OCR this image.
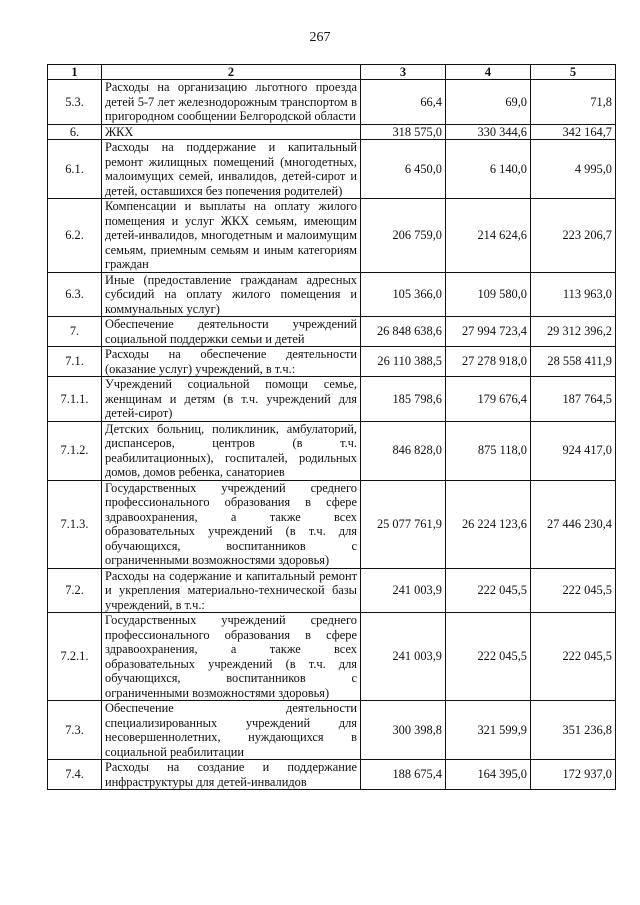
267
1	2	3	4	5
5.3.	Расходы на организацию льготного проезда детей 5-7 лет железнодорожным транспортом в пригородном сообщении Белгородской области	66,4	69,0	71,8
6.	ЖКХ	318 575,0	330 344,6	342 164,7
6.1.	Расходы на поддержание и капитальный ремонт жилищных помещений (многодетных, малоимущих семей, инвалидов, детей-сирот и детей, оставшихся без попечения родителей)	6 450,0	6 140,0	4 995,0
6.2.	Компенсации и выплаты на оплату жилого помещения и услуг ЖКХ семьям, имеющим детей-инвалидов, многодетным и малоимущим семьям, приемным семьям и иным категориям граждан	206 759,0	214 624,6	223 206,7
6.3.	Иные (предоставление гражданам адресных субсидий на оплату жилого помещения и коммунальных услуг)	105 366,0	109 580,0	113 963,0
7.	Обеспечение деятельности учреждений социальной поддержки семьи и детей	26 848 638,6	27 994 723,4	29 312 396,2
7.1.	Расходы на обеспечение деятельности (оказание услуг) учреждений, в т.ч.:	26 110 388,5	27 278 918,0	28 558 411,9
7.1.1.	Учреждений социальной помощи семье, женщинам и детям (в т.ч. учреждений для детей-сирот)	185 798,6	179 676,4	187 764,5
7.1.2.	Детских больниц, поликлиник, амбулаторий, диспансеров, центров (в т.ч. реабилитационных), госпиталей, родильных домов, домов ребенка, санаториев	846 828,0	875 118,0	924 417,0
7.1.3.	Государственных учреждений среднего профессионального образования в сфере здравоохранения, а также всех образовательных учреждений (в т.ч. для обучающихся, воспитанников с ограниченными возможностями здоровья)	25 077 761,9	26 224 123,6	27 446 230,4
7.2.	Расходы на содержание и капитальный ремонт и укрепления материально-технической базы учреждений, в т.ч.:	241 003,9	222 045,5	222 045,5
7.2.1.	Государственных учреждений среднего профессионального образования в сфере здравоохранения, а также всех образовательных учреждений (в т.ч. для обучающихся, воспитанников с ограниченными возможностями здоровья)	241 003,9	222 045,5	222 045,5
7.3.	Обеспечение деятельности специализированных учреждений для несовершеннолетних, нуждающихся в социальной реабилитации	300 398,8	321 599,9	351 236,8
7.4.	Расходы на создание и поддержание инфраструктуры для детей-инвалидов	188 675,4	164 395,0	172 937,0
